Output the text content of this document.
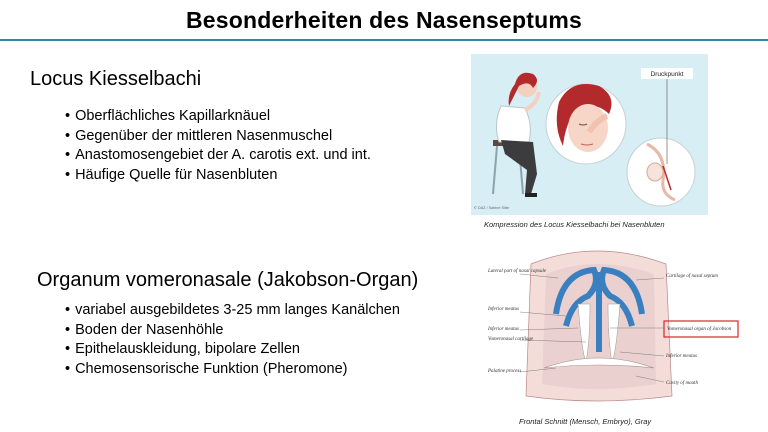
Besonderheiten des Nasenseptums
Locus Kiesselbachi
• Oberflächliches Kapillarknäuel
• Gegenüber der mittleren Nasenmuschel
• Anastomosengebiet der A. carotis ext. und int.
• Häufige Quelle für Nasenbluten
Druckpunkt
© DAZ / Sabine Sitte
Kompression des Locus Kiesselbachi bei Nasenbluten
Organum vomeronasale (Jakobson-Organ)
• variabel ausgebildetes 3-25 mm langes Kanälchen
• Boden der Nasenhöhle
• Epithelauskleidung, bipolare Zellen
• Chemosensorische Funktion (Pheromone)
Lateral part of nasal capsule
Inferior meatus
Inferior meatus
Vomeronasal cartilage
Palatine process
Cartilage of nasal septum
Vomeronasal organ of Jacobson
Inferior meatus
Cavity of mouth
Frontal Schnitt (Mensch, Embryo), Gray
